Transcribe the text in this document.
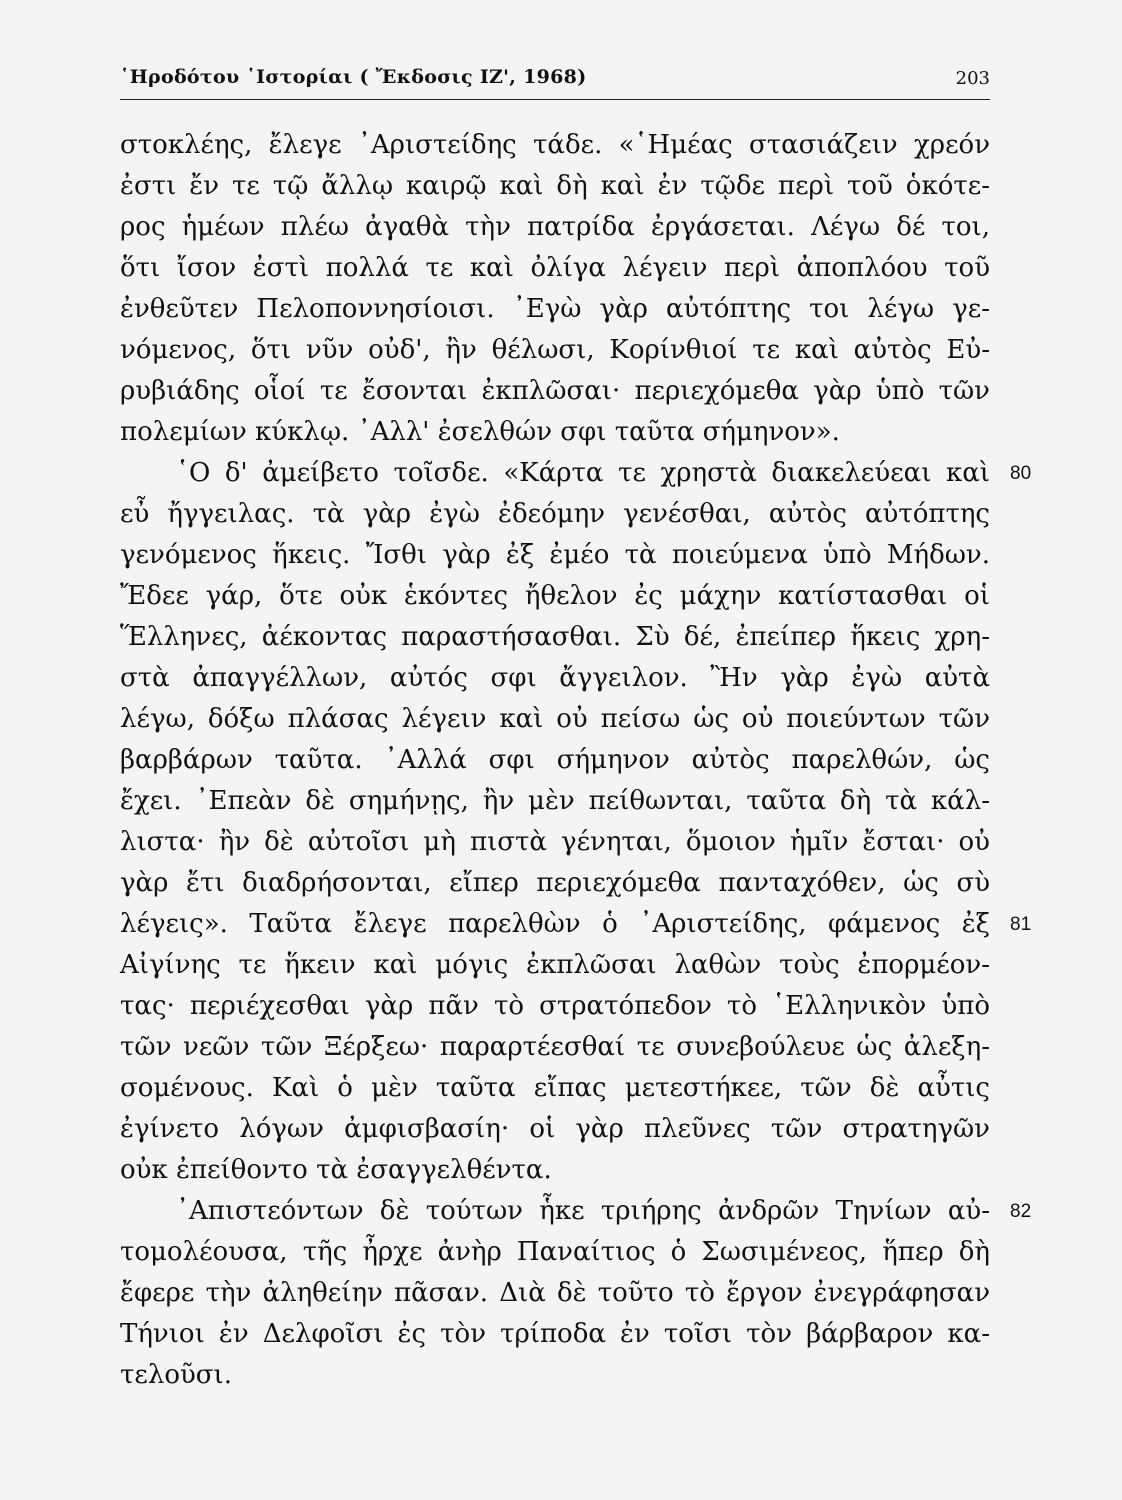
῾Ηροδότου ῾Ιστορίαι ( Ἔκδοσις ΙΖ', 1968)	203
στοκλέης, ἔλεγε ᾿Αριστείδης τάδε. «῾Ημέας στασιάζειν χρεόν
ἐστι ἔν τε τῷ ἄλλῳ καιρῷ καὶ δὴ καὶ ἐν τῷδε περὶ τοῦ ὁκότε-
ρος ἡμέων πλέω ἀγαθὰ τὴν πατρίδα ἐργάσεται. Λέγω δέ τοι,
ὅτι ἴσον ἐστὶ πολλά τε καὶ ὀλίγα λέγειν περὶ ἀποπλόου τοῦ
ἐνθεῦτεν Πελοποννησίοισι. ᾿Εγὼ γὰρ αὐτόπτης τοι λέγω γε-
νόμενος, ὅτι νῦν οὐδ', ἢν θέλωσι, Κορίνθιοί τε καὶ αὐτὸς Εὐ-
ρυβιάδης οἷοί τε ἔσονται ἐκπλῶσαι· περιεχόμεθα γὰρ ὑπὸ τῶν
πολεμίων κύκλῳ. ᾿Αλλ' ἐσελθών σφι ταῦτα σήμηνον».
῾Ο δ' ἀμείβετο τοῖσδε. «Κάρτα τε χρηστὰ διακελεύεαι καὶ
εὖ ἤγγειλας. τὰ γὰρ ἐγὼ ἐδεόμην γενέσθαι, αὐτὸς αὐτόπτης
γενόμενος ἥκεις. Ἴσθι γὰρ ἐξ ἐμέο τὰ ποιεύμενα ὑπὸ Μήδων.
Ἔδεε γάρ, ὅτε οὐκ ἑκόντες ἤθελον ἐς μάχην κατίστασθαι οἱ
Ἕλληνες, ἀέκοντας παραστήσασθαι. Σὺ δέ, ἐπείπερ ἥκεις χρη-
στὰ ἀπαγγέλλων, αὐτός σφι ἄγγειλον. Ἢν γὰρ ἐγὼ αὐτὰ
λέγω, δόξω πλάσας λέγειν καὶ οὐ πείσω ὡς οὐ ποιεύντων τῶν
βαρβάρων ταῦτα. ᾿Αλλά σφι σήμηνον αὐτὸς παρελθών, ὡς
ἔχει. ᾿Επεὰν δὲ σημήνῃς, ἢν μὲν πείθωνται, ταῦτα δὴ τὰ κάλ-
λιστα· ἢν δὲ αὐτοῖσι μὴ πιστὰ γένηται, ὅμοιον ἡμῖν ἔσται· οὐ
γὰρ ἔτι διαδρήσονται, εἴπερ περιεχόμεθα πανταχόθεν, ὡς σὺ
λέγεις». Ταῦτα ἔλεγε παρελθὼν ὁ ᾿Αριστείδης, φάμενος ἐξ
Αἰγίνης τε ἥκειν καὶ μόγις ἐκπλῶσαι λαθὼν τοὺς ἐπορμέον-
τας· περιέχεσθαι γὰρ πᾶν τὸ στρατόπεδον τὸ ῾Ελληνικὸν ὑπὸ
τῶν νεῶν τῶν Ξέρξεω· παραρτέεσθαί τε συνεβούλευε ὡς ἀλεξη-
σομένους. Καὶ ὁ μὲν ταῦτα εἴπας μετεστήκεε, τῶν δὲ αὖτις
ἐγίνετο λόγων ἀμφισβασίη· οἱ γὰρ πλεῦνες τῶν στρατηγῶν
οὐκ ἐπείθοντο τὰ ἐσαγγελθέντα.
᾿Απιστεόντων δὲ τούτων ἧκε τριήρης ἀνδρῶν Τηνίων αὐ-
τομολέουσα, τῆς ἦρχε ἀνὴρ Παναίτιος ὁ Σωσιμένεος, ἥπερ δὴ
ἔφερε τὴν ἀληθείην πᾶσαν. Διὰ δὲ τοῦτο τὸ ἔργον ἐνεγράφησαν
Τήνιοι ἐν Δελφοῖσι ἐς τὸν τρίποδα ἐν τοῖσι τὸν βάρβαρον κα-
τελοῦσι.
80
81
82
